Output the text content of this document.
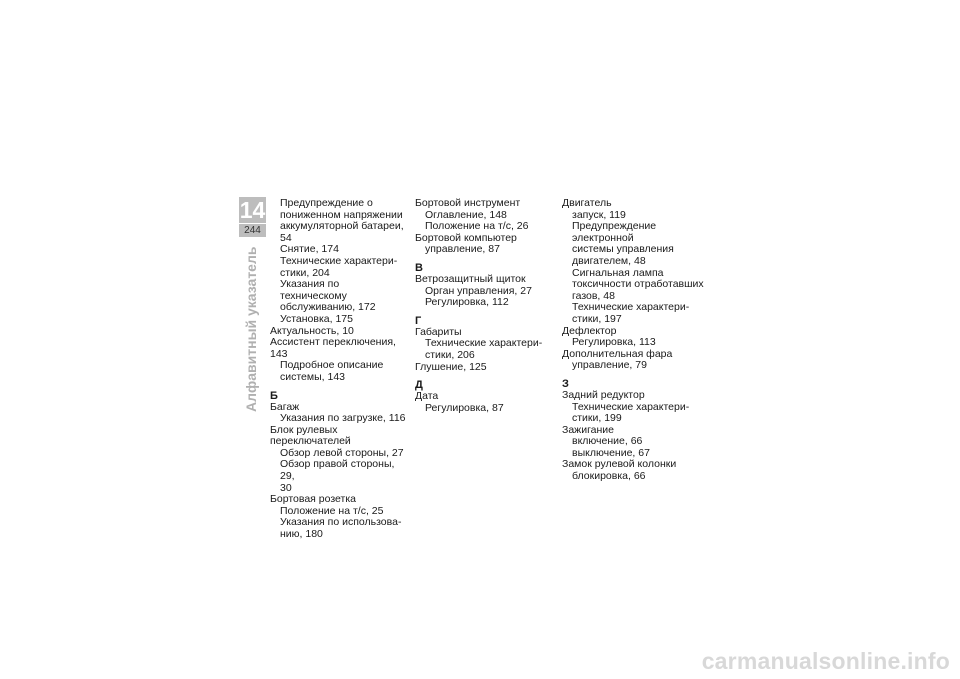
14
244
Алфавитный указатель
Предупреждение о
пониженном напряжении
аккумуляторной батареи, 54
Снятие, 174
Технические характери-
стики, 204
Указания по техническому
обслуживанию, 172
Установка, 175
Актуальность, 10
Ассистент переключения, 143
Подробное описание
системы, 143
Б
Багаж
Указания по загрузке, 116
Блок рулевых переключателей
Обзор левой стороны, 27
Обзор правой стороны, 29,
30
Бортовая розетка
Положение на т/с, 25
Указания по использова-
нию, 180
Бортовой инструмент
Оглавление, 148
Положение на т/с, 26
Бортовой компьютер
управление, 87
В
Ветрозащитный щиток
Орган управления, 27
Регулировка, 112
Г
Габариты
Технические характери-
стики, 206
Глушение, 125
Д
Дата
Регулировка, 87
Двигатель
запуск, 119
Предупреждение электронной
системы управления
двигателем, 48
Сигнальная лампа
токсичности отработавших
газов, 48
Технические характери-
стики, 197
Дефлектор
Регулировка, 113
Дополнительная фара
управление, 79
З
Задний редуктор
Технические характери-
стики, 199
Зажигание
включение, 66
выключение, 67
Замок рулевой колонки
блокировка, 66
carmanualsonline.info
